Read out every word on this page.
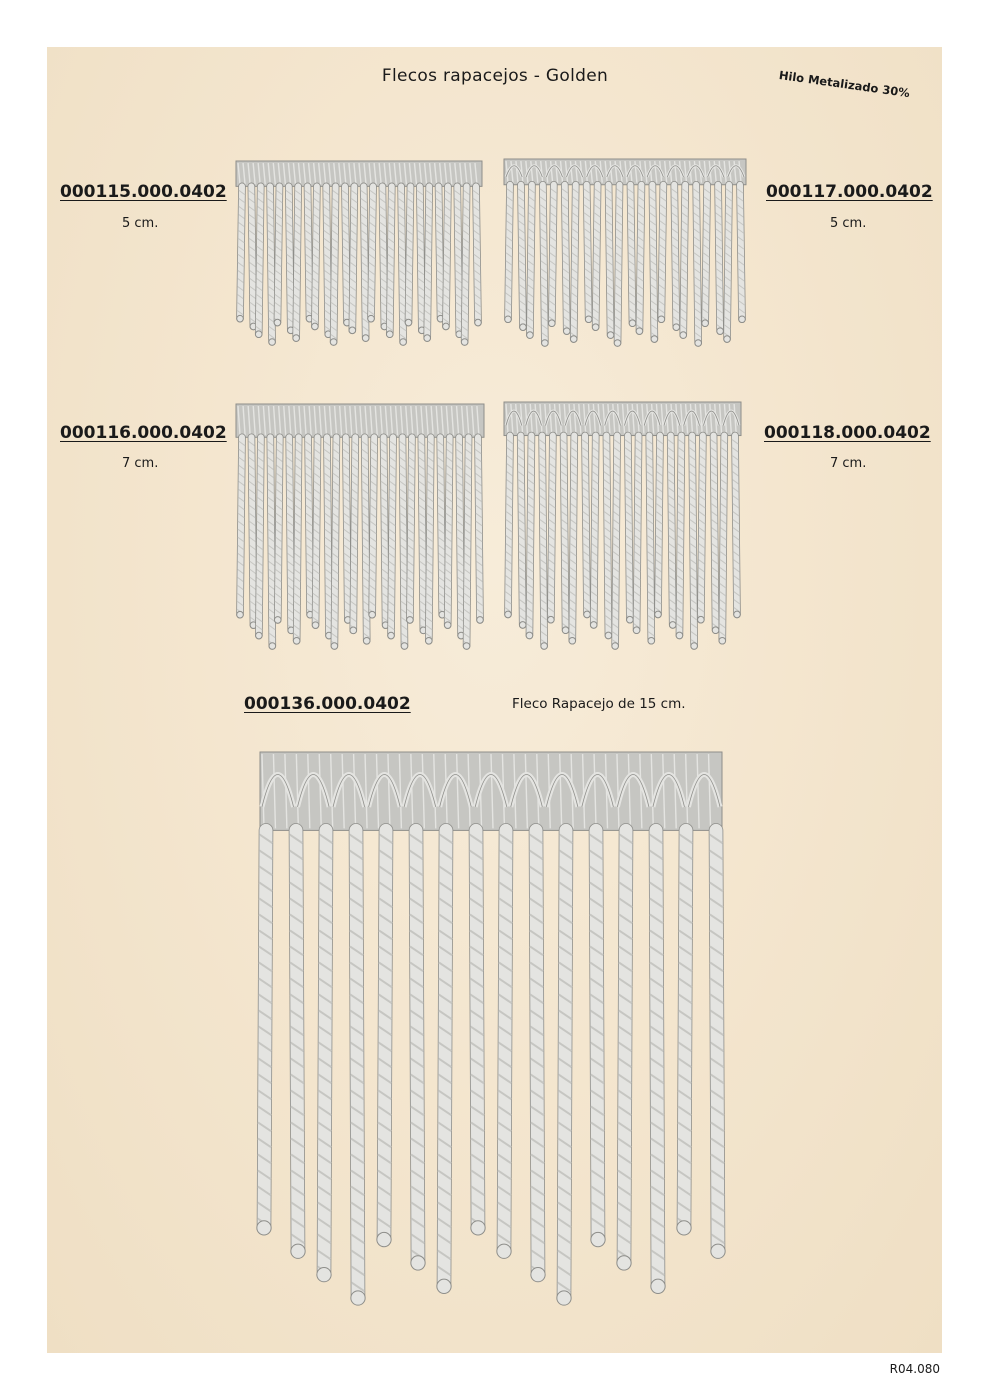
Flecos rapacejos - Golden	Hilo Metalizado 30%
000115.000.0402
5 cm.
000117.000.0402
5 cm.
000116.000.0402
7 cm.
000118.000.0402
7 cm.
000136.000.0402	Fleco Rapacejo de 15 cm.
R04.080
